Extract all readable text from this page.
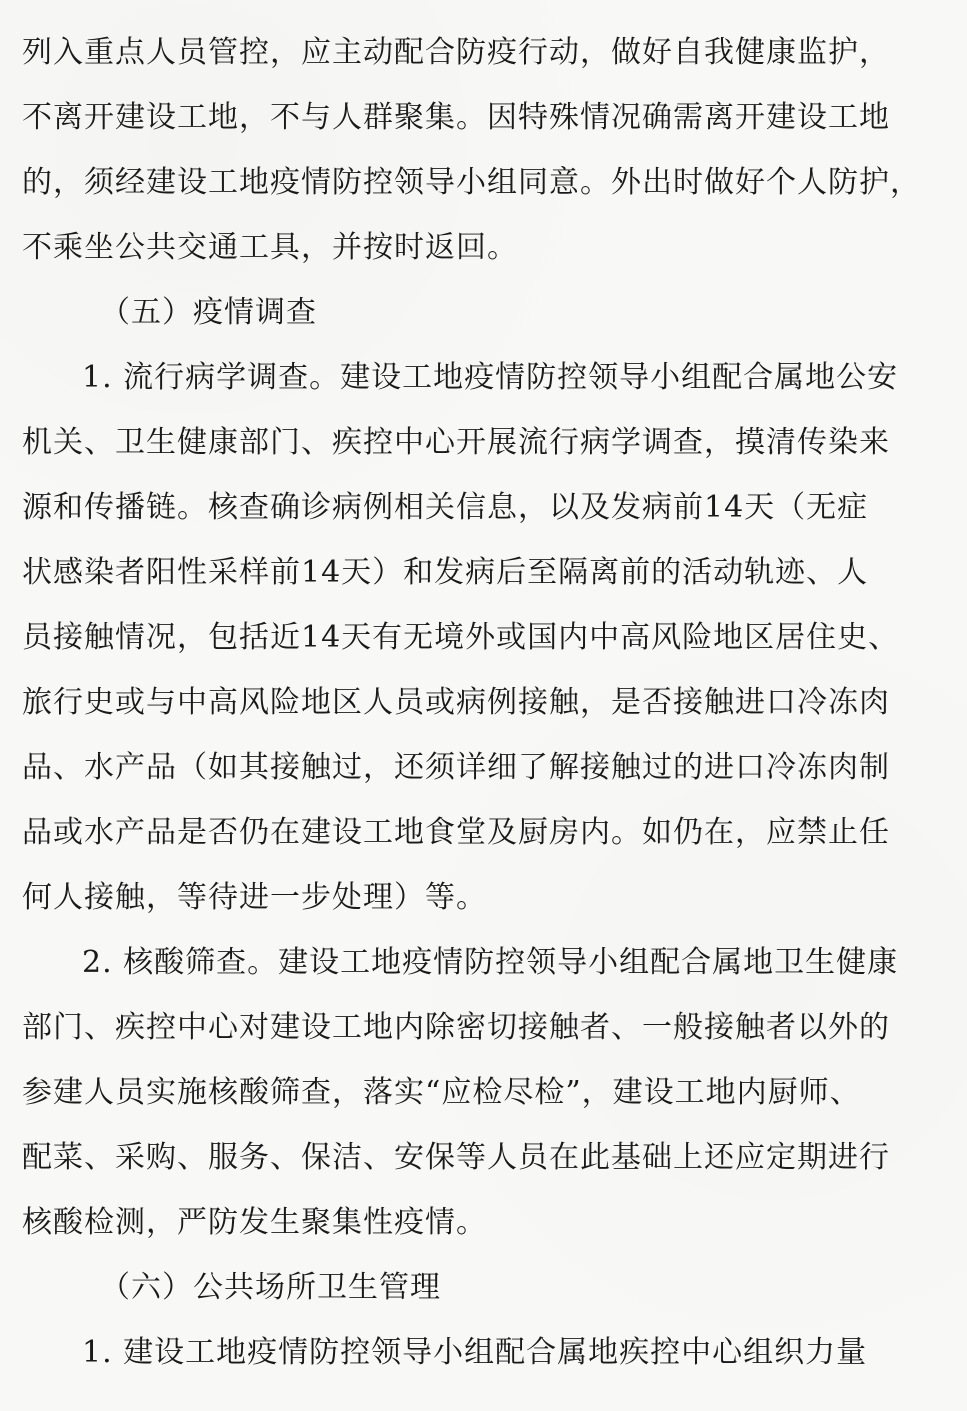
列入重点人员管控，应主动配合防疫行动，做好自我健康监护，
不离开建设工地，不与人群聚集。因特殊情况确需离开建设工地
的，须经建设工地疫情防控领导小组同意。外出时做好个人防护，
不乘坐公共交通工具，并按时返回。
（五）疫情调查
1. 流行病学调查。建设工地疫情防控领导小组配合属地公安
机关、卫生健康部门、疾控中心开展流行病学调查，摸清传染来
源和传播链。核查确诊病例相关信息，以及发病前14天（无症
状感染者阳性采样前14天）和发病后至隔离前的活动轨迹、人
员接触情况，包括近14天有无境外或国内中高风险地区居住史、
旅行史或与中高风险地区人员或病例接触，是否接触进口冷冻肉
品、水产品（如其接触过，还须详细了解接触过的进口冷冻肉制
品或水产品是否仍在建设工地食堂及厨房内。如仍在，应禁止任
何人接触，等待进一步处理）等。
2. 核酸筛查。建设工地疫情防控领导小组配合属地卫生健康
部门、疾控中心对建设工地内除密切接触者、一般接触者以外的
参建人员实施核酸筛查，落实“应检尽检”，建设工地内厨师、
配菜、采购、服务、保洁、安保等人员在此基础上还应定期进行
核酸检测，严防发生聚集性疫情。
（六）公共场所卫生管理
1. 建设工地疫情防控领导小组配合属地疾控中心组织力量
